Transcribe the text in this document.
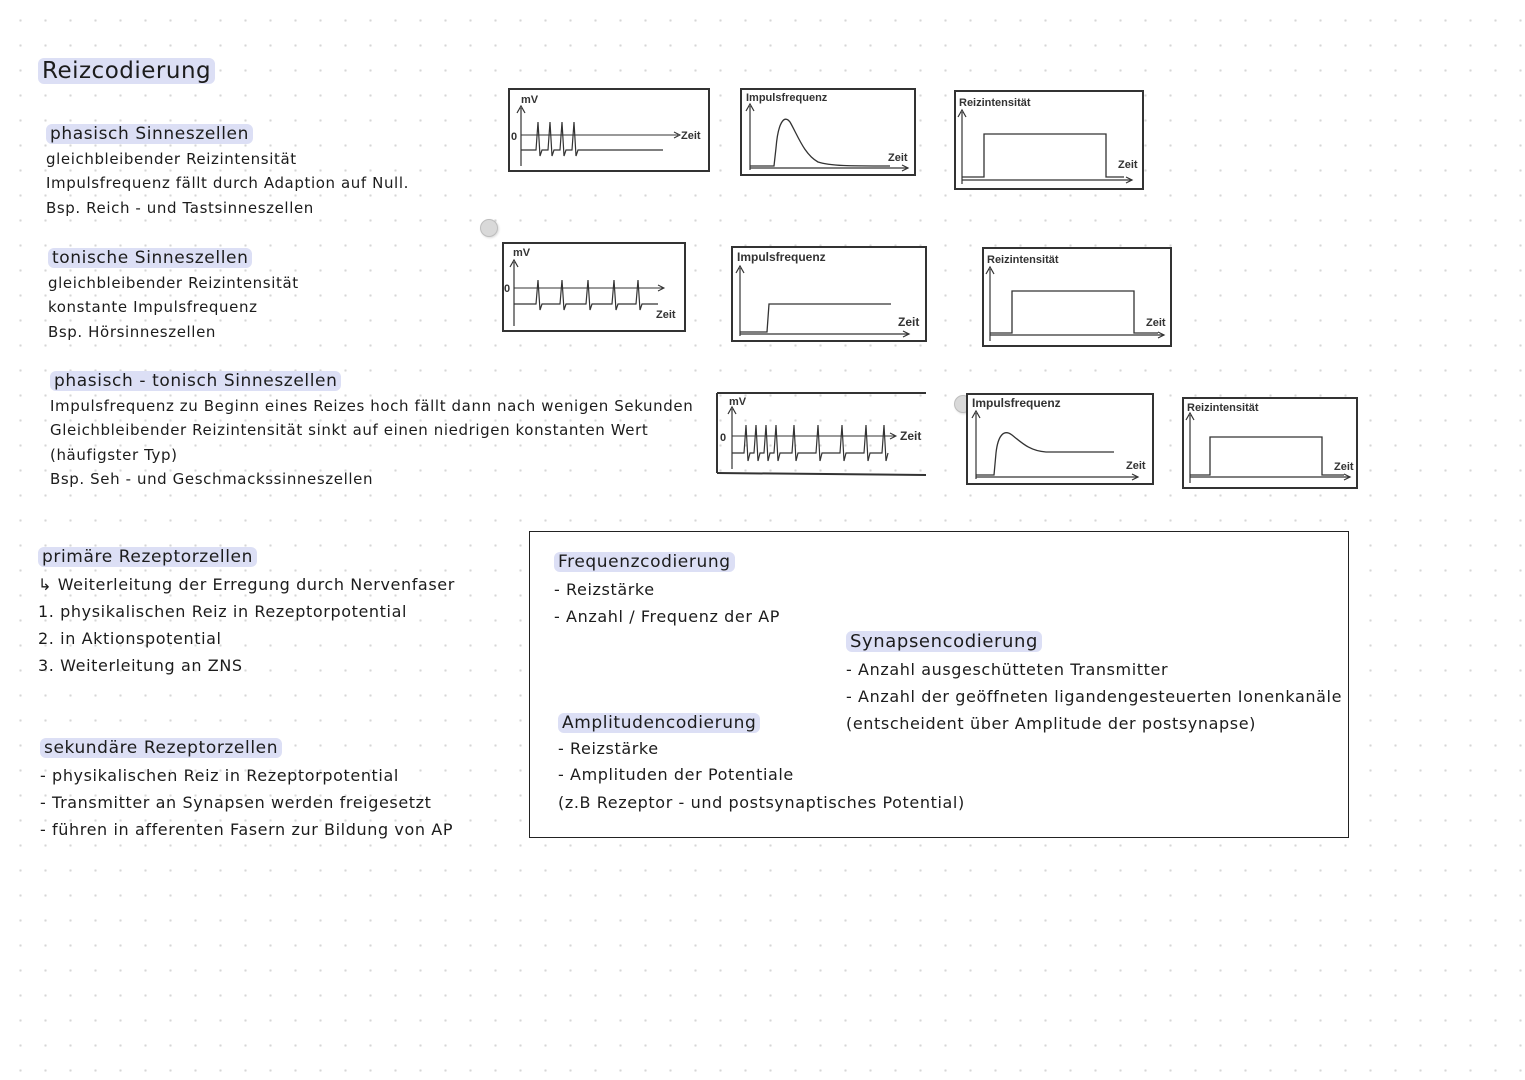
Reizcodierung
phasisch Sinneszellen
gleichbleibender Reizintensität
Impulsfrequenz fällt durch Adaption auf Null.
Bsp. Reich - und Tastsinneszellen
tonische Sinneszellen
gleichbleibender Reizintensität
konstante Impulsfrequenz
Bsp. Hörsinneszellen
phasisch - tonisch Sinneszellen
Impulsfrequenz zu Beginn eines Reizes hoch fällt dann nach wenigen Sekunden
Gleichbleibender Reizintensität sinkt auf einen niedrigen konstanten Wert
(häufigster Typ)
Bsp. Seh - und Geschmackssinneszellen
primäre Rezeptorzellen
↳ Weiterleitung der Erregung durch Nervenfaser
1. physikalischen Reiz in Rezeptorpotential
2. in Aktionspotential
3. Weiterleitung an ZNS
sekundäre Rezeptorzellen
- physikalischen Reiz in Rezeptorpotential
- Transmitter an Synapsen werden freigesetzt
- führen in afferenten Fasern zur Bildung von AP
Frequenzcodierung
- Reizstärke
- Anzahl / Frequenz der AP
Amplitudencodierung
- Reizstärke
- Amplituden der Potentiale
(z.B Rezeptor - und postsynaptisches Potential)
Synapsencodierung
- Anzahl ausgeschütteten Transmitter
- Anzahl der geöffneten ligandengesteuerten Ionenkanäle
(entscheident über Amplitude der postsynapse)
mV
0	Zeit
Impulsfrequenz
Zeit
Reizintensität
Zeit
mV
0
Zeit
Impulsfrequenz
Zeit
Reizintensität
Zeit
mV
0	Zeit
Impulsfrequenz
Zeit
Reizintensität
Zeit
